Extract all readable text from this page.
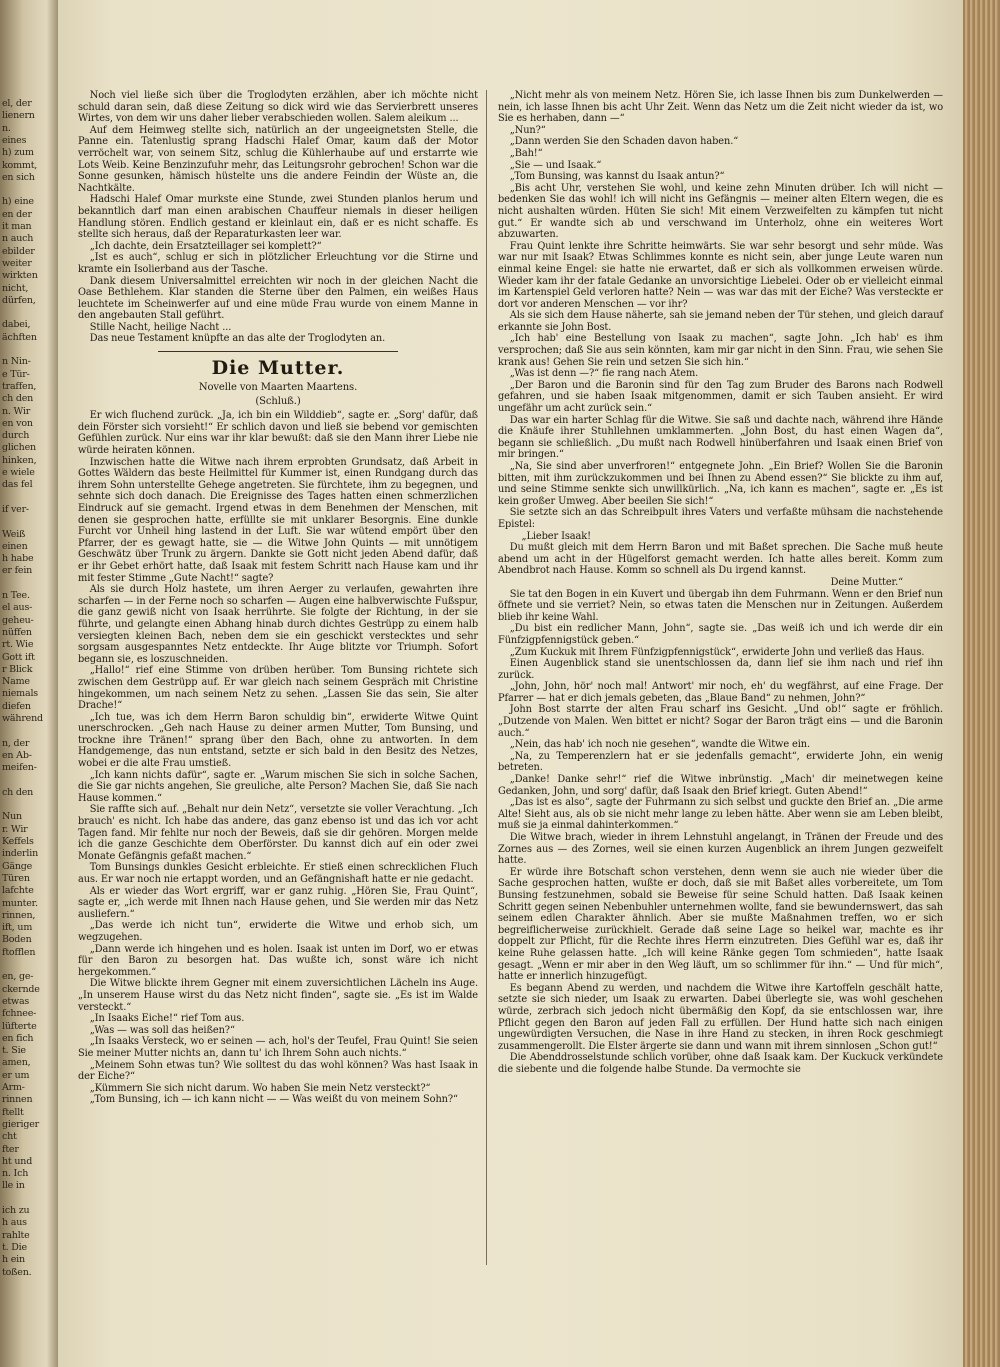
el, der
lienern
n.
eines
h) zum
kommt,
en sich
h) eine
en der
it man
n auch
ebilder
weiter
wirkten
nicht,
dürfen,
dabei,
ächften
n Nin-
e Tür-
traffen,
ch den
n. Wir
en von
durch
glichen
hinken,
e wiele
das fel
if ver-
Weiß
einen
h habe
er fein
n Tee.
el aus-
geheu-
nüffen
rt. Wie
Gott ift
r Blick
Name
niemals
diefen
während
n, der
en Ab-
meifen-
ch den
Nun
r. Wir
Keffels
inderlin
Gänge
Türen
lafchte
munter.
rinnen,
ift, um
Boden
ftofflen
en, ge-
ckernde
etwas
fchnee-
lüfterte
en fich
t. Sie
amen,
er um
Arm-
rinnen
ftellt
gieriger
cht
fter
ht und
n. Ich
lle in
ich zu
h aus
rahlte
t. Die
h ein
toßen.

Noch viel ließe sich über die Troglodyten erzählen, aber ich möchte nicht schuld daran sein, daß diese Zeitung so dick wird wie das Servierbrett unseres Wirtes, von dem wir uns daher lieber verabschieden wollen. Salem aleikum ...

Auf dem Heimweg stellte sich, natürlich an der ungeeignetsten Stelle, die Panne ein. Tatenlustig sprang Hadschi Halef Omar, kaum daß der Motor verröchelt war, von seinem Sitz, schlug die Kühlerhaube auf und erstarrte wie Lots Weib. Keine Benzinzufuhr mehr, das Leitungsrohr gebrochen! Schon war die Sonne gesunken, hämisch hüstelte uns die andere Feindin der Wüste an, die Nachtkälte.

Hadschi Halef Omar murkste eine Stunde, zwei Stunden planlos herum und bekanntlich darf man einen arabischen Chauffeur niemals in dieser heiligen Handlung stören. Endlich gestand er kleinlaut ein, daß er es nicht schaffe. Es stellte sich heraus, daß der Reparaturkasten leer war.

„Ich dachte, dein Ersatzteillager sei komplett?“

„Ist es auch“, schlug er sich in plötzlicher Erleuchtung vor die Stirne und kramte ein Isolierband aus der Tasche.

Dank diesem Universalmittel erreichten wir noch in der gleichen Nacht die Oase Bethlehem. Klar standen die Sterne über den Palmen, ein weißes Haus leuchtete im Scheinwerfer auf und eine müde Frau wurde von einem Manne in den angebauten Stall geführt.

Stille Nacht, heilige Nacht ...

Das neue Testament knüpfte an das alte der Troglodyten an.

Die Mutter.
Novelle von Maarten Maartens.
(Schluß.)

Er wich fluchend zurück. „Ja, ich bin ein Wilddieb“, sagte er. „Sorg' dafür, daß dein Förster sich vorsieht!“ Er schlich davon und ließ sie bebend vor gemischten Gefühlen zurück. Nur eins war ihr klar bewußt: daß sie den Mann ihrer Liebe nie würde heiraten können.

Inzwischen hatte die Witwe nach ihrem erprobten Grundsatz, daß Arbeit in Gottes Wäldern das beste Heilmittel für Kummer ist, einen Rundgang durch das ihrem Sohn unterstellte Gehege angetreten. Sie fürchtete, ihm zu begegnen, und sehnte sich doch danach. Die Ereignisse des Tages hatten einen schmerzlichen Eindruck auf sie gemacht. Irgend etwas in dem Benehmen der Menschen, mit denen sie gesprochen hatte, erfüllte sie mit unklarer Besorgnis. Eine dunkle Furcht vor Unheil hing lastend in der Luft. Sie war wütend empört über den Pfarrer, der es gewagt hatte, sie — die Witwe John Quints — mit unnötigem Geschwätz über Trunk zu ärgern. Dankte sie Gott nicht jeden Abend dafür, daß er ihr Gebet erhört hatte, daß Isaak mit festem Schritt nach Hause kam und ihr mit fester Stimme „Gute Nacht!“ sagte?

Als sie durch Holz hastete, um ihren Aerger zu verlaufen, gewahrten ihre scharfen — in der Ferne noch so scharfen — Augen eine halbverwischte Fußspur, die ganz gewiß nicht von Isaak herrührte. Sie folgte der Richtung, in der sie führte, und gelangte einen Abhang hinab durch dichtes Gestrüpp zu einem halb versiegten kleinen Bach, neben dem sie ein geschickt verstecktes und sehr sorgsam ausgespanntes Netz entdeckte. Ihr Auge blitzte vor Triumph. Sofort begann sie, es loszuschneiden.

„Hallo!“ rief eine Stimme von drüben herüber. Tom Bunsing richtete sich zwischen dem Gestrüpp auf. Er war gleich nach seinem Gespräch mit Christine hingekommen, um nach seinem Netz zu sehen. „Lassen Sie das sein, Sie alter Drache!“

„Ich tue, was ich dem Herrn Baron schuldig bin“, erwiderte Witwe Quint unerschrocken. „Geh nach Hause zu deiner armen Mutter, Tom Bunsing, und trockne ihre Tränen!“ sprang über den Bach, ohne zu antworten. In dem Handgemenge, das nun entstand, setzte er sich bald in den Besitz des Netzes, wobei er die alte Frau umstieß.

„Ich kann nichts dafür“, sagte er. „Warum mischen Sie sich in solche Sachen, die Sie gar nichts angehen, Sie greuliche, alte Person? Machen Sie, daß Sie nach Hause kommen.“

Sie raffte sich auf. „Behalt nur dein Netz“, versetzte sie voller Verachtung. „Ich brauch' es nicht. Ich habe das andere, das ganz ebenso ist und das ich vor acht Tagen fand. Mir fehlte nur noch der Beweis, daß sie dir gehören. Morgen melde ich die ganze Geschichte dem Oberförster. Du kannst dich auf ein oder zwei Monate Gefängnis gefaßt machen.“

Tom Bunsings dunkles Gesicht erbleichte. Er stieß einen schrecklichen Fluch aus. Er war noch nie ertappt worden, und an Gefängnishaft hatte er nie gedacht.

Als er wieder das Wort ergriff, war er ganz ruhig. „Hören Sie, Frau Quint“, sagte er, „ich werde mit Ihnen nach Hause gehen, und Sie werden mir das Netz ausliefern.“

„Das werde ich nicht tun“, erwiderte die Witwe und erhob sich, um wegzugehen.

„Dann werde ich hingehen und es holen. Isaak ist unten im Dorf, wo er etwas für den Baron zu besorgen hat. Das wußte ich, sonst wäre ich nicht hergekommen.“

Die Witwe blickte ihrem Gegner mit einem zuversichtlichen Lächeln ins Auge. „In unserem Hause wirst du das Netz nicht finden“, sagte sie. „Es ist im Walde versteckt.“

„In Isaaks Eiche!“ rief Tom aus.

„Was — was soll das heißen?“

„In Isaaks Versteck, wo er seinen — ach, hol's der Teufel, Frau Quint! Sie seien Sie meiner Mutter nichts an, dann tu' ich Ihrem Sohn auch nichts.“

„Meinem Sohn etwas tun? Wie solltest du das wohl können? Was hast Isaak in der Eiche?“

„Kümmern Sie sich nicht darum. Wo haben Sie mein Netz versteckt?“

„Tom Bunsing, ich — ich kann nicht — — Was weißt du von meinem Sohn?“

„Nicht mehr als von meinem Netz. Hören Sie, ich lasse Ihnen bis zum Dunkelwerden — nein, ich lasse Ihnen bis acht Uhr Zeit. Wenn das Netz um die Zeit nicht wieder da ist, wo Sie es herhaben, dann —“

„Nun?“

„Dann werden Sie den Schaden davon haben.“

„Bah!“

„Sie — und Isaak.“

„Tom Bunsing, was kannst du Isaak antun?“

„Bis acht Uhr, verstehen Sie wohl, und keine zehn Minuten drüber. Ich will nicht — bedenken Sie das wohl! ich will nicht ins Gefängnis — meiner alten Eltern wegen, die es nicht aushalten würden. Hüten Sie sich! Mit einem Verzweifelten zu kämpfen tut nicht gut.“ Er wandte sich ab und verschwand im Unterholz, ohne ein weiteres Wort abzuwarten.

Frau Quint lenkte ihre Schritte heimwärts. Sie war sehr besorgt und sehr müde. Was war nur mit Isaak? Etwas Schlimmes konnte es nicht sein, aber junge Leute waren nun einmal keine Engel: sie hatte nie erwartet, daß er sich als vollkommen erweisen würde. Wieder kam ihr der fatale Gedanke an unvorsichtige Liebelei. Oder ob er vielleicht einmal im Kartenspiel Geld verloren hatte? Nein — was war das mit der Eiche? Was versteckte er dort vor anderen Menschen — vor ihr?

Als sie sich dem Hause näherte, sah sie jemand neben der Tür stehen, und gleich darauf erkannte sie John Bost.

„Ich hab' eine Bestellung von Isaak zu machen“, sagte John. „Ich hab' es ihm versprochen; daß Sie aus sein könnten, kam mir gar nicht in den Sinn. Frau, wie sehen Sie krank aus! Gehen Sie rein und setzen Sie sich hin.“

„Was ist denn —?“ fie rang nach Atem.

„Der Baron und die Baronin sind für den Tag zum Bruder des Barons nach Rodwell gefahren, und sie haben Isaak mitgenommen, damit er sich Tauben ansieht. Er wird ungefähr um acht zurück sein.“

Das war ein harter Schlag für die Witwe. Sie saß und dachte nach, während ihre Hände die Knäufe ihrer Stuhllehnen umklammerten. „John Bost, du hast einen Wagen da“, begann sie schließlich. „Du mußt nach Rodwell hinüberfahren und Isaak einen Brief von mir bringen.“

„Na, Sie sind aber unverfroren!“ entgegnete John. „Ein Brief? Wollen Sie die Baronin bitten, mit ihm zurückzukommen und bei Ihnen zu Abend essen?“ Sie blickte zu ihm auf, und seine Stimme senkte sich unwillkürlich. „Na, ich kann es machen“, sagte er. „Es ist kein großer Umweg. Aber beeilen Sie sich!“

Sie setzte sich an das Schreibpult ihres Vaters und verfaßte mühsam die nachstehende Epistel:

„Lieber Isaak!

Du mußt gleich mit dem Herrn Baron und mit Baßet sprechen. Die Sache muß heute abend um acht in der Hügelforst gemacht werden. Ich hatte alles bereit. Komm zum Abendbrot nach Hause. Komm so schnell als Du irgend kannst.

Deine Mutter.“

Sie tat den Bogen in ein Kuvert und übergab ihn dem Fuhrmann. Wenn er den Brief nun öffnete und sie verriet? Nein, so etwas taten die Menschen nur in Zeitungen. Außerdem blieb ihr keine Wahl.

„Du bist ein redlicher Mann, John“, sagte sie. „Das weiß ich und ich werde dir ein Fünfzigpfennigstück geben.“

„Zum Kuckuk mit Ihrem Fünfzigpfennigstück“, erwiderte John und verließ das Haus.

Einen Augenblick stand sie unentschlossen da, dann lief sie ihm nach und rief ihn zurück.

„John, John, hör' noch mal! Antwort' mir noch, eh' du wegfährst, auf eine Frage. Der Pfarrer — hat er dich jemals gebeten, das „Blaue Band“ zu nehmen, John?“

John Bost starrte der alten Frau scharf ins Gesicht. „Und ob!“ sagte er fröhlich. „Dutzende von Malen. Wen bittet er nicht? Sogar der Baron trägt eins — und die Baronin auch.“

„Nein, das hab' ich noch nie gesehen“, wandte die Witwe ein.

„Na, zu Temperenzlern hat er sie jedenfalls gemacht“, erwiderte John, ein wenig betreten.

„Danke! Danke sehr!“ rief die Witwe inbrünstig. „Mach' dir meinetwegen keine Gedanken, John, und sorg' dafür, daß Isaak den Brief kriegt. Guten Abend!“

„Das ist es also“, sagte der Fuhrmann zu sich selbst und guckte den Brief an. „Die arme Alte! Sieht aus, als ob sie nicht mehr lange zu leben hätte. Aber wenn sie am Leben bleibt, muß sie ja einmal dahinterkommen.“

Die Witwe brach, wieder in ihrem Lehnstuhl angelangt, in Tränen der Freude und des Zornes aus — des Zornes, weil sie einen kurzen Augenblick an ihrem Jungen gezweifelt hatte.

Er würde ihre Botschaft schon verstehen, denn wenn sie auch nie wieder über die Sache gesprochen hatten, wußte er doch, daß sie mit Baßet alles vorbereitete, um Tom Bunsing festzunehmen, sobald sie Beweise für seine Schuld hatten. Daß Isaak keinen Schritt gegen seinen Nebenbuhler unternehmen wollte, fand sie bewundernswert, das sah seinem edlen Charakter ähnlich. Aber sie mußte Maßnahmen treffen, wo er sich begreiflicherweise zurückhielt. Gerade daß seine Lage so heikel war, machte es ihr doppelt zur Pflicht, für die Rechte ihres Herrn einzutreten. Dies Gefühl war es, daß ihr keine Ruhe gelassen hatte. „Ich will keine Ränke gegen Tom schmieden“, hatte Isaak gesagt. „Wenn er mir aber in den Weg läuft, um so schlimmer für ihn.“ — Und für mich“, hatte er innerlich hinzugefügt.

Es begann Abend zu werden, und nachdem die Witwe ihre Kartoffeln geschält hatte, setzte sie sich nieder, um Isaak zu erwarten. Dabei überlegte sie, was wohl geschehen würde, zerbrach sich jedoch nicht übermäßig den Kopf, da sie entschlossen war, ihre Pflicht gegen den Baron auf jeden Fall zu erfüllen. Der Hund hatte sich nach einigen ungewürdigten Versuchen, die Nase in ihre Hand zu stecken, in ihren Rock geschmiegt zusammengerollt. Die Elster ärgerte sie dann und wann mit ihrem sinnlosen „Schon gut!“

Die Abenddrosselstunde schlich vorüber, ohne daß Isaak kam. Der Kuckuck verkündete die siebente und die folgende halbe Stunde. Da vermochte sie
